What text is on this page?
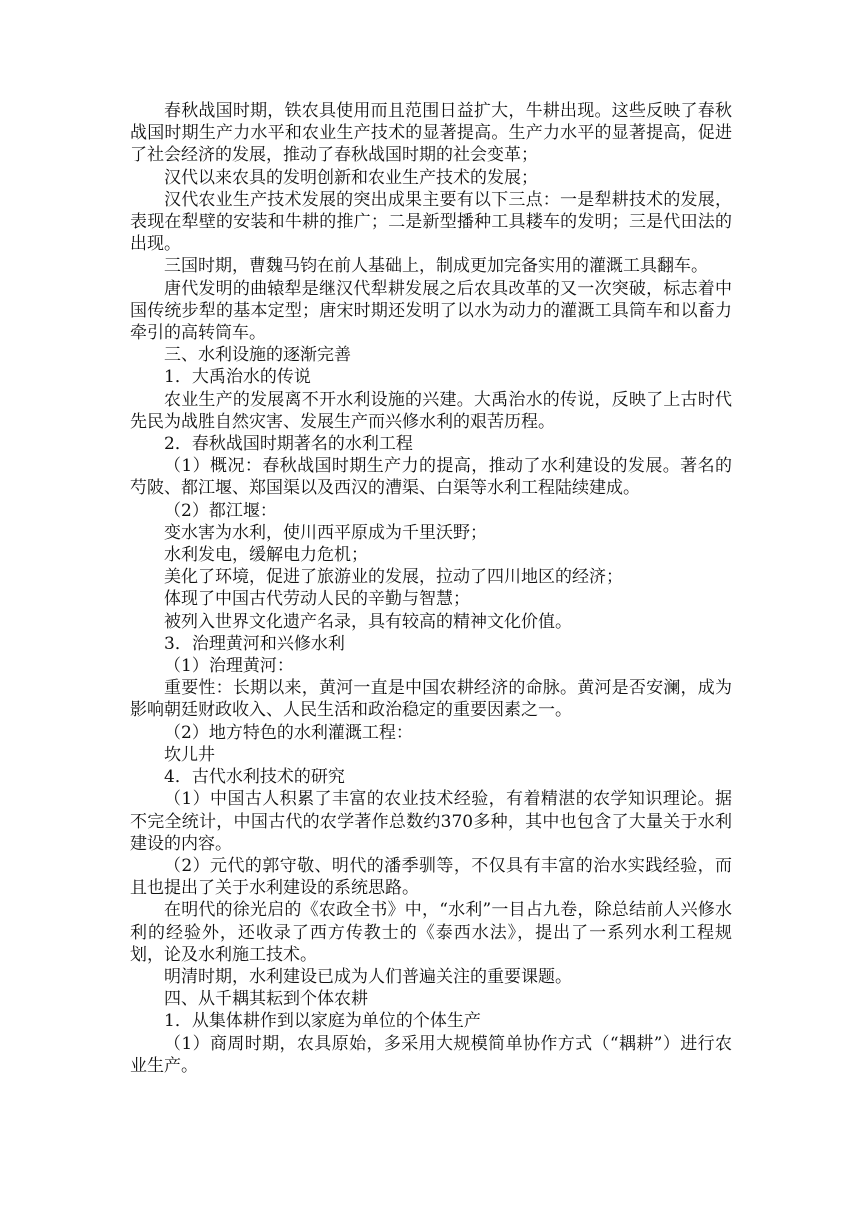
春秋战国时期，铁农具使用而且范围日益扩大，牛耕出现。这些反映了春秋战国时期生产力水平和农业生产技术的显著提高。生产力水平的显著提高，促进了社会经济的发展，推动了春秋战国时期的社会变革；

汉代以来农具的发明创新和农业生产技术的发展；

汉代农业生产技术发展的突出成果主要有以下三点：一是犁耕技术的发展，表现在犁壁的安装和牛耕的推广；二是新型播种工具耧车的发明；三是代田法的出现。

三国时期，曹魏马钧在前人基础上，制成更加完备实用的灌溉工具翻车。

唐代发明的曲辕犁是继汉代犁耕发展之后农具改革的又一次突破，标志着中国传统步犁的基本定型；唐宋时期还发明了以水为动力的灌溉工具筒车和以畜力牵引的高转筒车。

三、水利设施的逐渐完善

1．大禹治水的传说

农业生产的发展离不开水利设施的兴建。大禹治水的传说，反映了上古时代先民为战胜自然灾害、发展生产而兴修水利的艰苦历程。

2．春秋战国时期著名的水利工程

（1）概况：春秋战国时期生产力的提高，推动了水利建设的发展。著名的芍陂、都江堰、郑国渠以及西汉的漕渠、白渠等水利工程陆续建成。

（2）都江堰：

变水害为水利，使川西平原成为千里沃野；

水利发电，缓解电力危机；

美化了环境，促进了旅游业的发展，拉动了四川地区的经济；

体现了中国古代劳动人民的辛勤与智慧；

被列入世界文化遗产名录，具有较高的精神文化价值。

3．治理黄河和兴修水利

（1）治理黄河：

重要性：长期以来，黄河一直是中国农耕经济的命脉。黄河是否安澜，成为影响朝廷财政收入、人民生活和政治稳定的重要因素之一。

（2）地方特色的水利灌溉工程：

坎儿井

4．古代水利技术的研究

（1）中国古人积累了丰富的农业技术经验，有着精湛的农学知识理论。据不完全统计，中国古代的农学著作总数约370多种，其中也包含了大量关于水利建设的内容。

（2）元代的郭守敬、明代的潘季驯等，不仅具有丰富的治水实践经验，而且也提出了关于水利建设的系统思路。

在明代的徐光启的《农政全书》中，“水利”一目占九卷，除总结前人兴修水利的经验外，还收录了西方传教士的《泰西水法》，提出了一系列水利工程规划，论及水利施工技术。

明清时期，水利建设已成为人们普遍关注的重要课题。

四、从千耦其耘到个体农耕

1．从集体耕作到以家庭为单位的个体生产

（1）商周时期，农具原始，多采用大规模简单协作方式（“耦耕”）进行农业生产。
